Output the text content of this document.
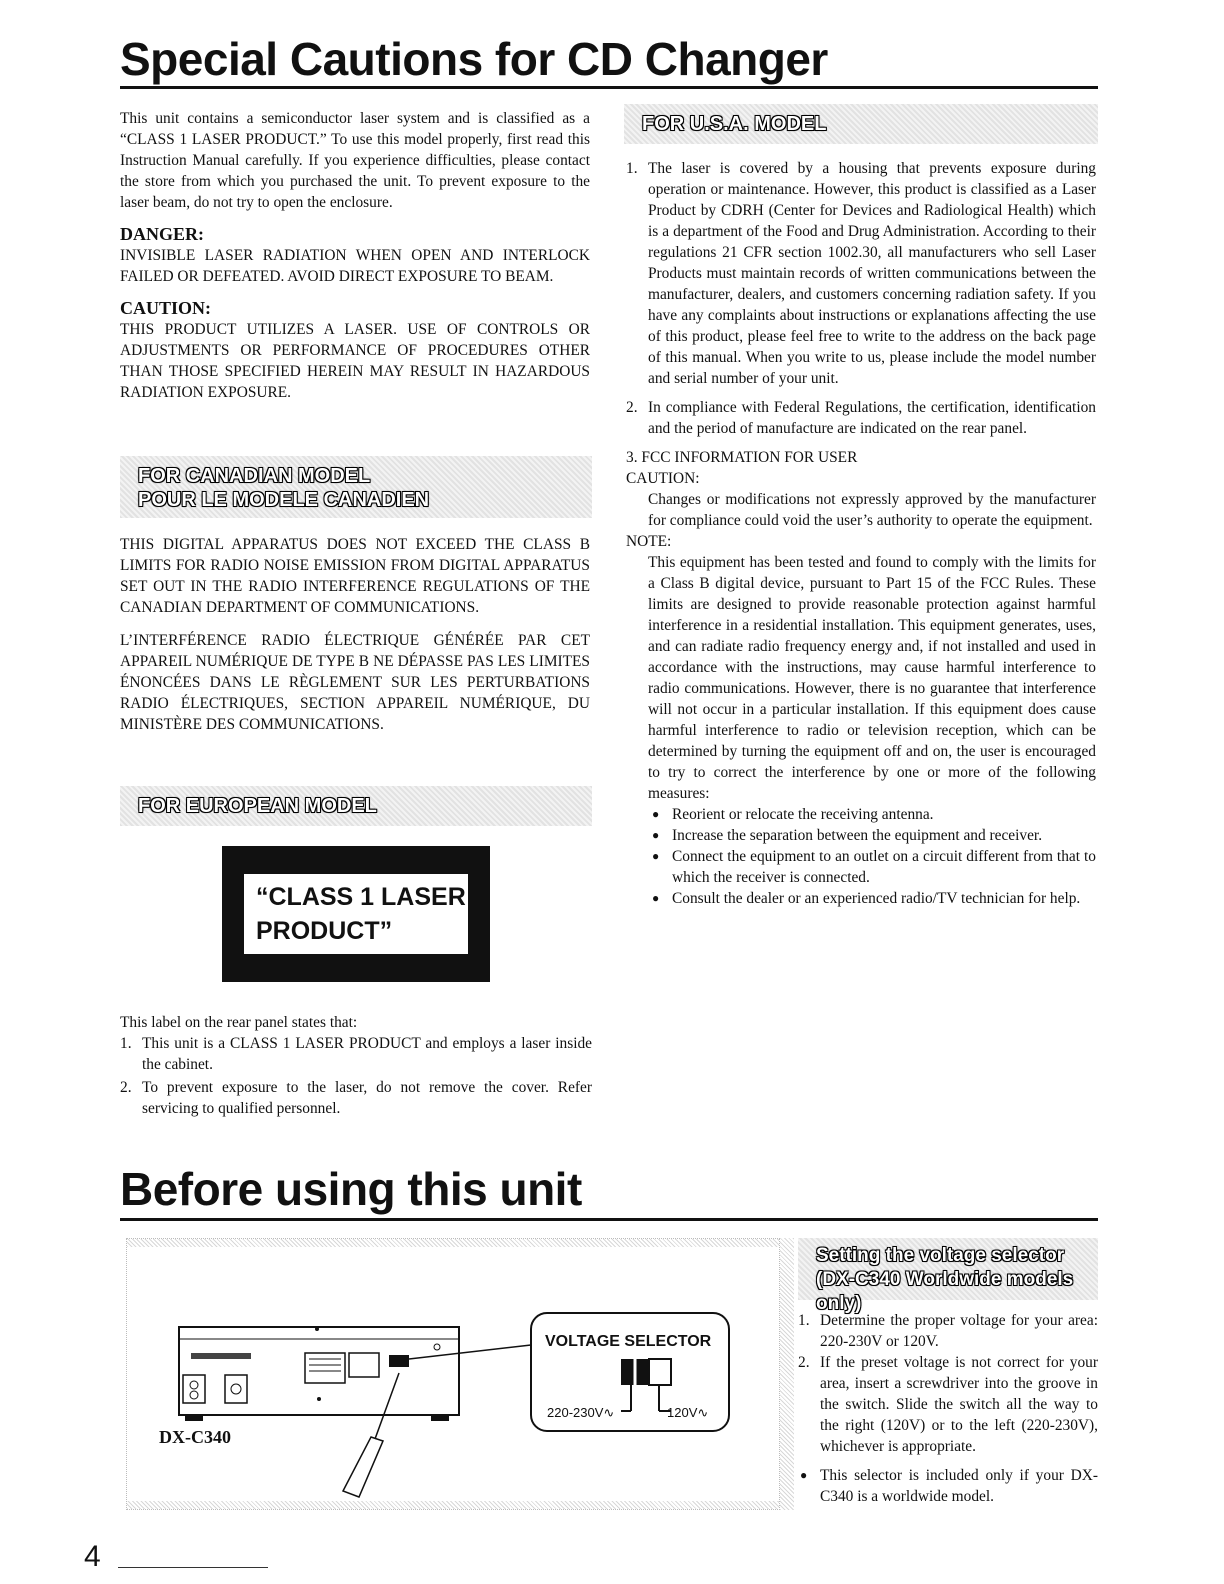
Special Cautions for CD Changer

This unit contains a semiconductor laser system and is classified as a “CLASS 1 LASER PRODUCT.” To use this model properly, first read this Instruction Manual carefully. If you experience difficulties, please contact the store from which you purchased the unit. To prevent exposure to the laser beam, do not try to open the enclosure.

DANGER:

INVISIBLE LASER RADIATION WHEN OPEN AND INTERLOCK FAILED OR DEFEATED. AVOID DIRECT EXPOSURE TO BEAM.

CAUTION:

THIS PRODUCT UTILIZES A LASER. USE OF CONTROLS OR ADJUSTMENTS OR PERFORMANCE OF PROCEDURES OTHER THAN THOSE SPECIFIED HEREIN MAY RESULT IN HAZARDOUS RADIATION EXPOSURE.

FOR CANADIAN MODEL
POUR LE MODELE CANADIEN

THIS DIGITAL APPARATUS DOES NOT EXCEED THE CLASS B LIMITS FOR RADIO NOISE EMISSION FROM DIGITAL APPARATUS SET OUT IN THE RADIO INTERFERENCE REGULATIONS OF THE CANADIAN DEPARTMENT OF COMMUNICATIONS.

L’INTERFÉRENCE RADIO ÉLECTRIQUE GÉNÉRÉE PAR CET APPAREIL NUMÉRIQUE DE TYPE B NE DÉPASSE PAS LES LIMITES ÉNONCÉES DANS LE RÈGLEMENT SUR LES PERTURBATIONS RADIO ÉLECTRIQUES, SECTION APPAREIL NUMÉRIQUE, DU MINISTÈRE DES COMMUNICATIONS.

FOR EUROPEAN MODEL
“CLASS 1 LASER
PRODUCT”

This label on the rear panel states that:

1. This unit is a CLASS 1 LASER PRODUCT and employs a laser inside the cabinet.
2. To prevent exposure to the laser, do not remove the cover. Refer servicing to qualified personnel.
FOR U.S.A. MODEL
1. The laser is covered by a housing that prevents exposure during operation or maintenance. However, this product is classified as a Laser Product by CDRH (Center for Devices and Radiological Health) which is a department of the Food and Drug Administration. According to their regulations 21 CFR section 1002.30, all manufacturers who sell Laser Products must maintain records of written communications between the manufacturer, dealers, and customers concerning radiation safety. If you have any complaints about instructions or explanations affecting the use of this product, please feel free to write to the address on the back page of this manual. When you write to us, please include the model number and serial number of your unit.
2. In compliance with Federal Regulations, the certification, identification and the period of manufacture are indicated on the rear panel.

3. FCC INFORMATION FOR USER

CAUTION:

Changes or modifications not expressly approved by the manufacturer for compliance could void the user’s authority to operate the equipment.

NOTE:

This equipment has been tested and found to comply with the limits for a Class B digital device, pursuant to Part 15 of the FCC Rules. These limits are designed to provide reasonable protection against harmful interference in a residential installation. This equipment generates, uses, and can radiate radio frequency energy and, if not installed and used in accordance with the instructions, may cause harmful interference to radio communications. However, there is no guarantee that interference will not occur in a particular installation. If this equipment does cause harmful interference to radio or television reception, which can be determined by turning the equipment off and on, the user is encouraged to try to correct the interference by one or more of the following measures:

● Reorient or relocate the receiving antenna.
● Increase the separation between the equipment and receiver.
● Connect the equipment to an outlet on a circuit different from that to which the receiver is connected.
● Consult the dealer or an experienced radio/TV technician for help.
Before using this unit
VOLTAGE SELECTOR
220-230V∿	120V∿
DX-C340
Setting the voltage selector
(DX-C340 Worldwide models only)
1. Determine the proper voltage for your area: 220-230V or 120V.
2. If the preset voltage is not correct for your area, insert a screwdriver into the groove in the switch. Slide the switch all the way to the right (120V) or to the left (220-230V), whichever is appropriate.
● This selector is included only if your DX-C340 is a worldwide model.
4
